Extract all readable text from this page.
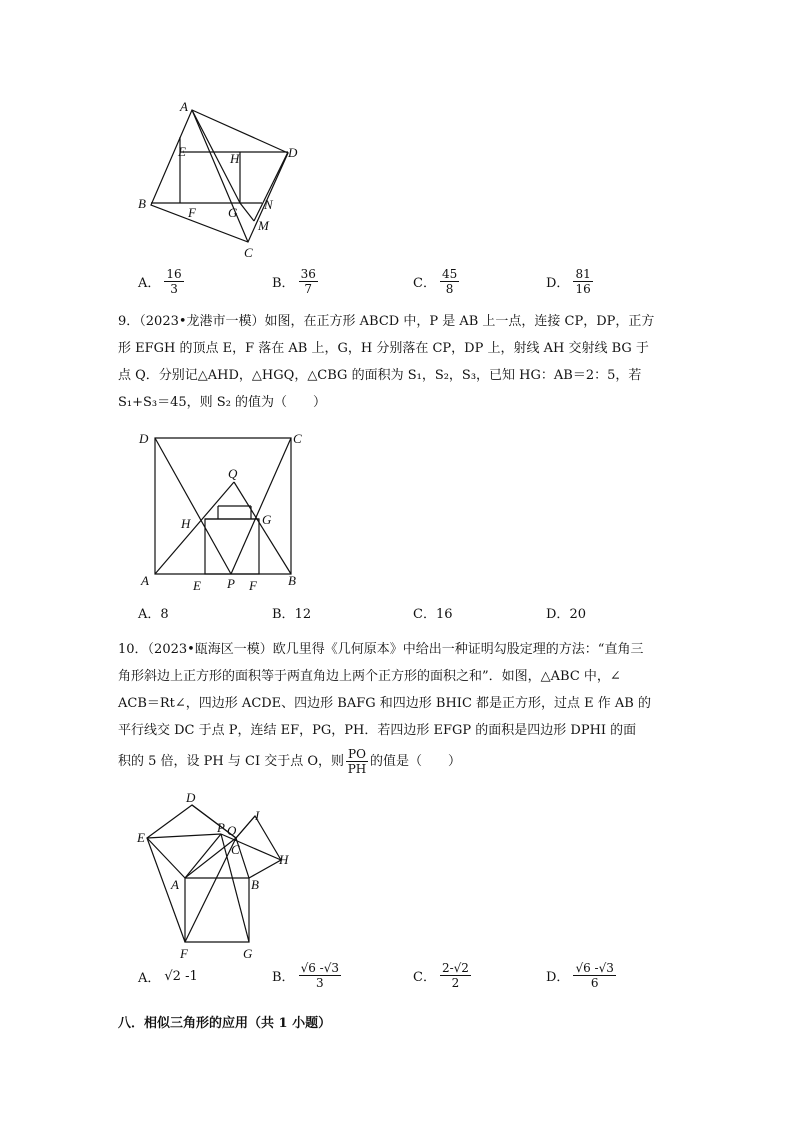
A
B
C
D
E
F G
H
N
M
A． $\frac{16}{3}$	B． $\frac{36}{7}$	C． $\frac{45}{8}$	D． $\frac{81}{16}$
9．（2023•龙港市一模）如图，在正方形 ABCD 中，P 是 AB 上一点，连接 CP，DP，正方
形 EFGH 的顶点 E，F 落在 AB 上，G，H 分别落在 CP，DP 上，射线 AH 交射线 BG 于
点 Q．分别记△AHD，△HGQ，△CBG 的面积为 S₁，S₂，S₃，已知 HG：AB＝2：5，若
S₁+S₃＝45，则 S₂ 的值为（　　）
D	C
Q
H	G
A	E P F B
A．8	B．12	C．16	D．20
10．（2023•瓯海区一模）欧几里得《几何原本》中给出一种证明勾股定理的方法：“直角三
角形斜边上正方形的面积等于两直角边上两个正方形的面积之和”．如图，△ABC 中，∠
ACB＝Rt∠，四边形 ACDE、四边形 BAFG 和四边形 BHIC 都是正方形，过点 E 作 AB 的
平行线交 DC 于点 P，连结 EF，PG，PH．若四边形 EFGP 的面积是四边形 DPHI 的面
积的 5 倍，设 PH 与 CI 交于点 O，则 $\frac{PO}{PH}$ 的值是（　　）
D
I
E
P O
C
H
A	B
F	G
A． √2 -1	B． $\frac{√6 -√3}{3}$	C． $\frac{2-√2}{2}$	D． $\frac{√6 -√3}{6}$
八．相似三角形的应用（共 1 小题）
